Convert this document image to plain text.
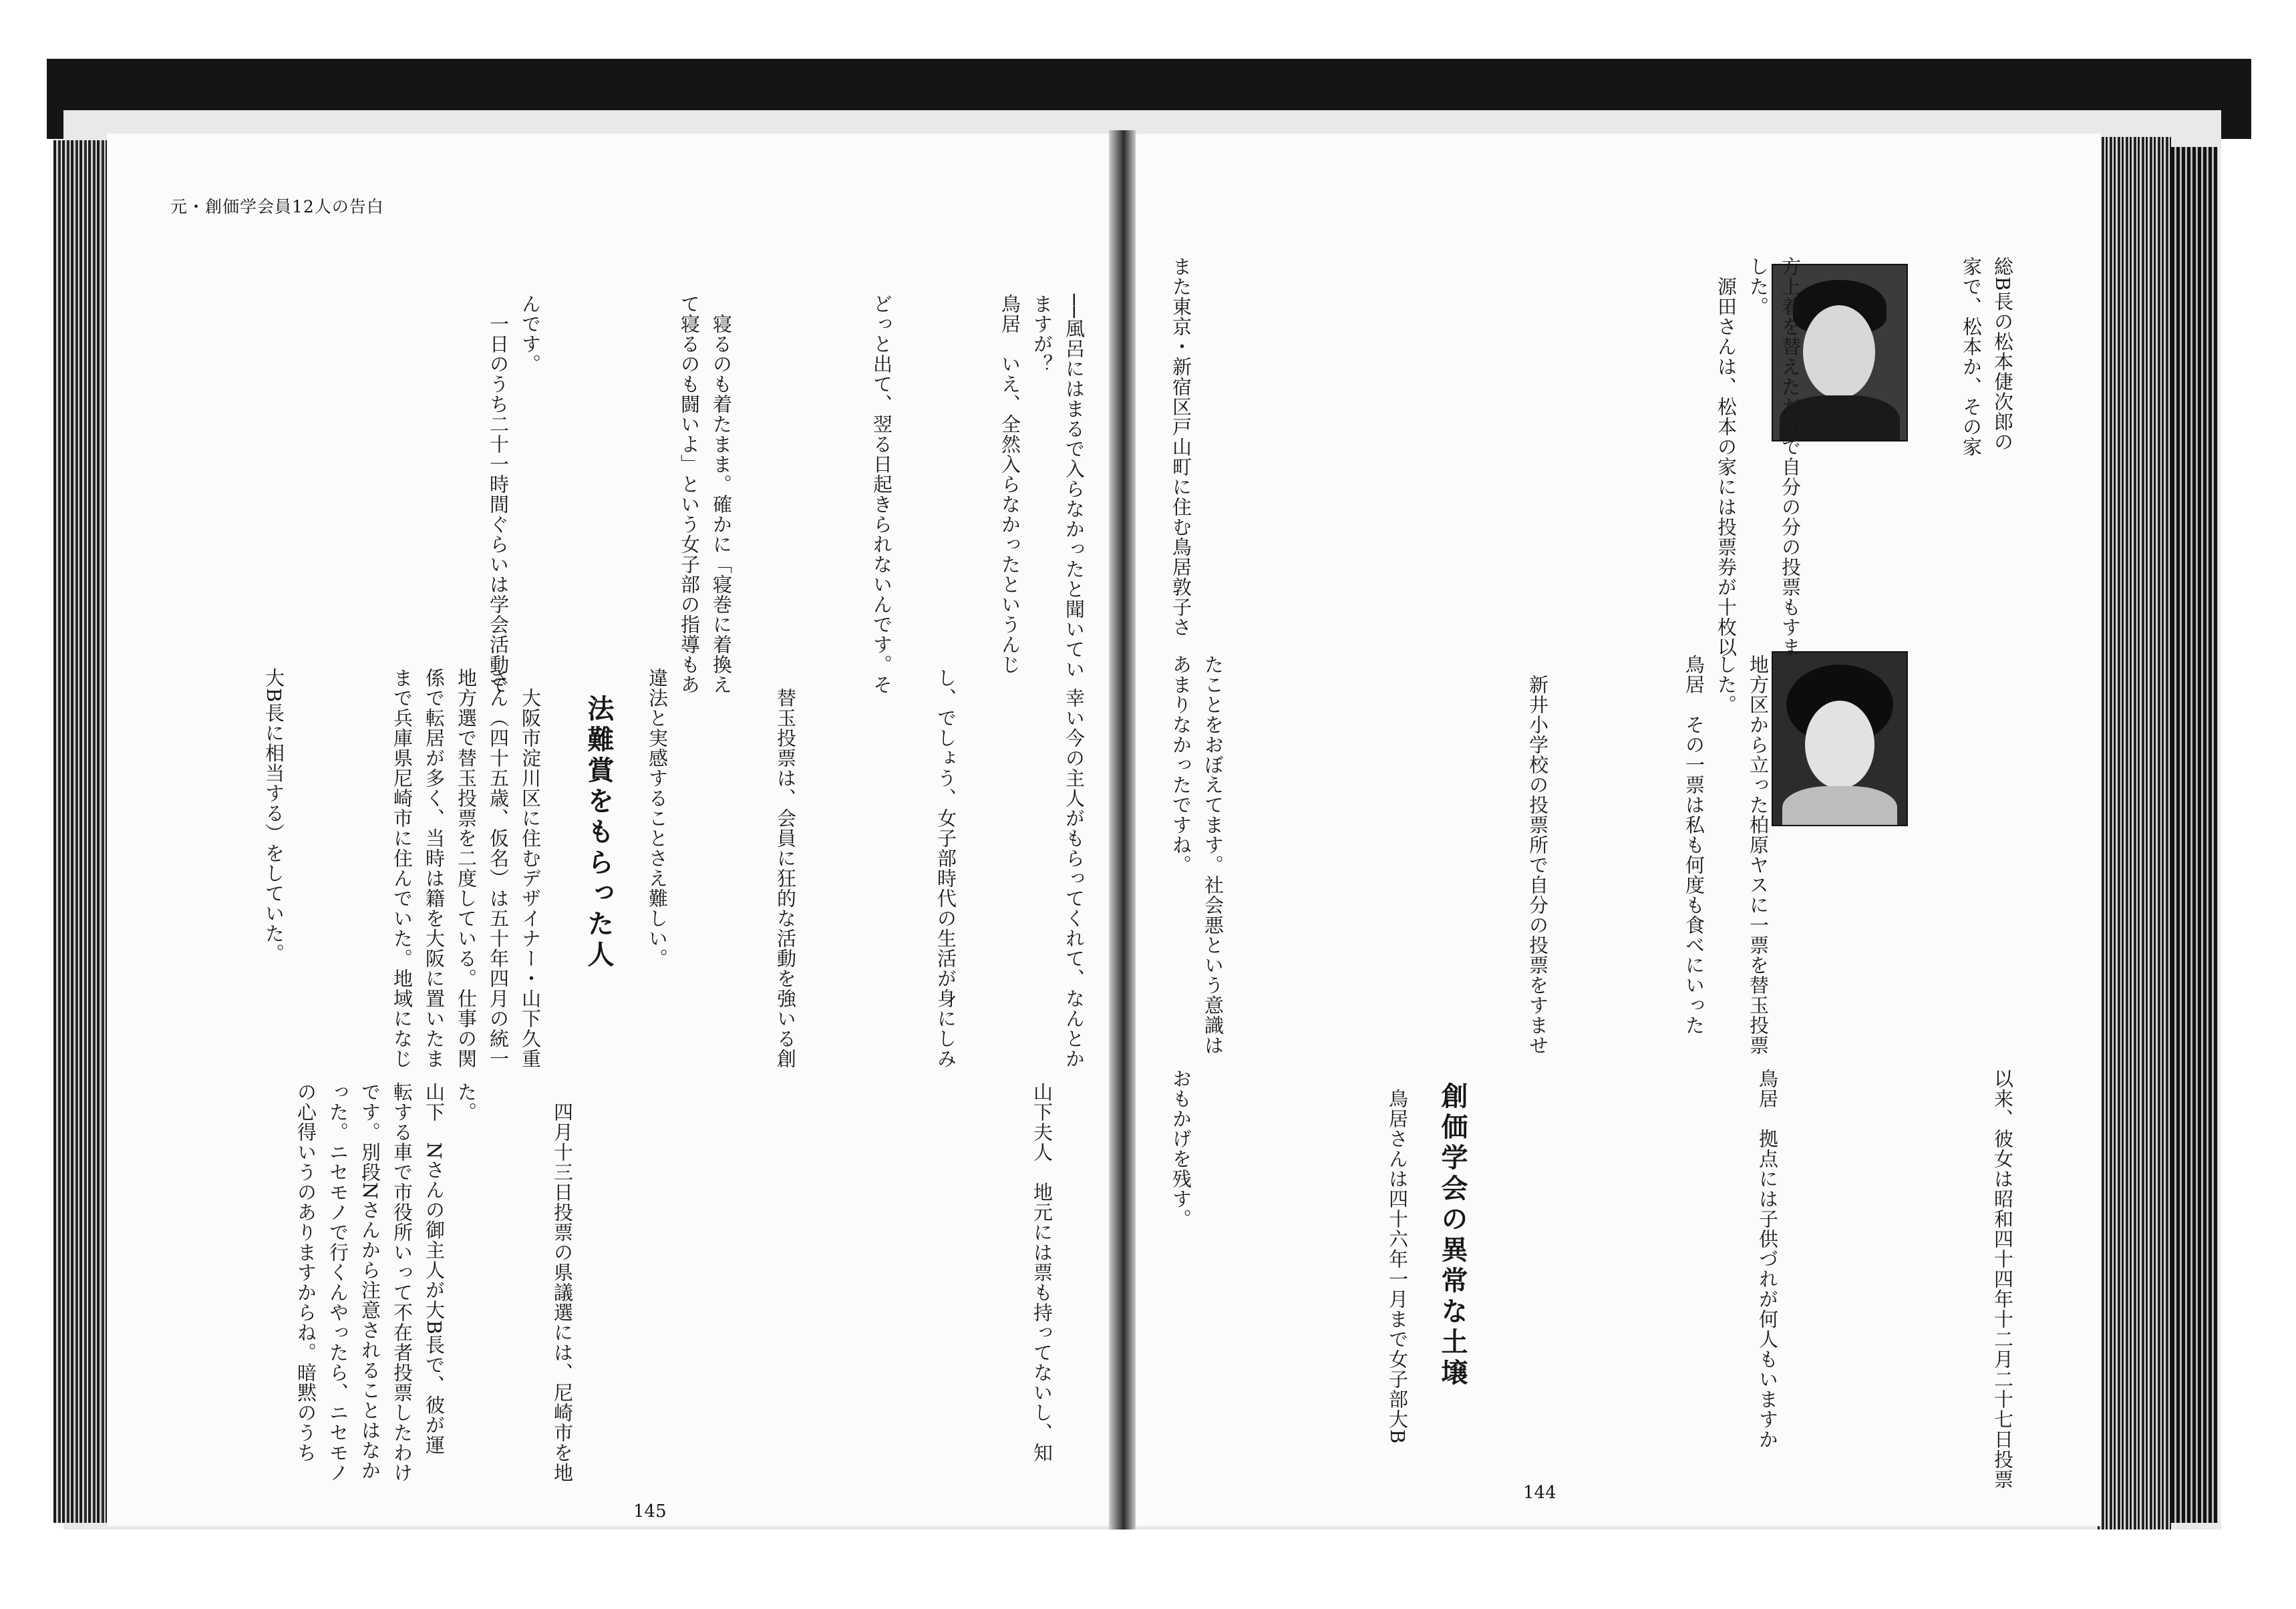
元・創価学会員12人の告白
総B長の松本倢次郎の
家で、松本か、その家
方上着を替えただけで自分の分の投票もすま
した。
源田さんは、松本の家には投票券が十枚以
また東京・新宿区戸山町に住む鳥居敦子さ
地方区から立った柏原ヤスに一票を替玉投票
した。
鳥居　その一票は私も何度も食べにいった
新井小学校の投票所で自分の投票をすませ
たことをおぼえてます。社会悪という意識は
あまりなかったですね。
以来、彼女は昭和四十四年十二月二十七日投票
鳥居　拠点には子供づれが何人もいますか
創価学会の異常な土壌
鳥居さんは四十六年一月まで女子部大B
おもかげを残す。
──風呂にはまるで入らなかったと聞いてい
ますが？
鳥居　いえ、全然入らなかったというんじ
どっと出て、翌る日起きられないんです。そ
寝るのも着たまま。確かに「寝巻に着換え
て寝るのも闘いよ」という女子部の指導もあ
んです。
一日のうち二十一時間ぐらいは学会活動で
幸い今の主人がもらってくれて、なんとか
し、でしょう、女子部時代の生活が身にしみ
替玉投票は、会員に狂的な活動を強いる創
違法と実感することさえ難しい。
法難賞をもらった人
大阪市淀川区に住むデザイナー・山下久重
さん（四十五歳、仮名）は五十年四月の統一
地方選で替玉投票を二度している。仕事の関
係で転居が多く、当時は籍を大阪に置いたま
まで兵庫県尼崎市に住んでいた。地域になじ
大B長に相当する）をしていた。
山下夫人　地元には票も持ってないし、知
四月十三日投票の県議選には、尼崎市を地
た。
山下　Nさんの御主人が大B長で、彼が運
転する車で市役所いって不在者投票したわけ
です。別段Nさんから注意されることはなか
った。ニセモノで行くんやったら、ニセモノ
の心得いうのありますからね。暗黙のうち
145
144
